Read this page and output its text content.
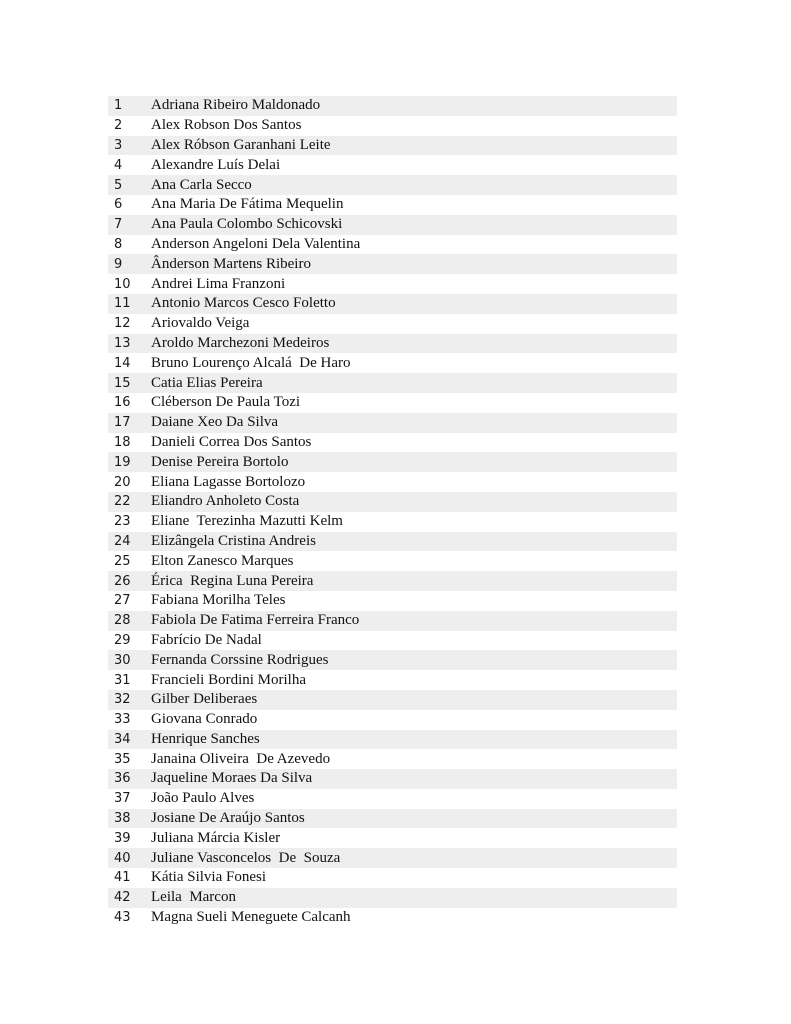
1	Adriana Ribeiro Maldonado
2	Alex Robson Dos Santos
3	Alex Róbson Garanhani Leite
4	Alexandre Luís Delai
5	Ana Carla Secco
6	Ana Maria De Fátima Mequelin
7	Ana Paula Colombo Schicovski
8	Anderson Angeloni Dela Valentina
9	Ânderson Martens Ribeiro
10	Andrei Lima Franzoni
11	Antonio Marcos Cesco Foletto
12	Ariovaldo Veiga
13	Aroldo Marchezoni Medeiros
14	Bruno Lourenço Alcalá  De Haro
15	Catia Elias Pereira
16	Cléberson De Paula Tozi
17	Daiane Xeo Da Silva
18	Danieli Correa Dos Santos
19	Denise Pereira Bortolo
20	Eliana Lagasse Bortolozo
22	Eliandro Anholeto Costa
23	Eliane  Terezinha Mazutti Kelm
24	Elizângela Cristina Andreis
25	Elton Zanesco Marques
26	Érica  Regina Luna Pereira
27	Fabiana Morilha Teles
28	Fabiola De Fatima Ferreira Franco
29	Fabrício De Nadal
30	Fernanda Corssine Rodrigues
31	Francieli Bordini Morilha
32	Gilber Deliberaes
33	Giovana Conrado
34	Henrique Sanches
35	Janaina Oliveira  De Azevedo
36	Jaqueline Moraes Da Silva
37	João Paulo Alves
38	Josiane De Araújo Santos
39	Juliana Márcia Kisler
40	Juliane Vasconcelos  De  Souza
41	Kátia Silvia Fonesi
42	Leila  Marcon
43	Magna Sueli Meneguete Calcanh
